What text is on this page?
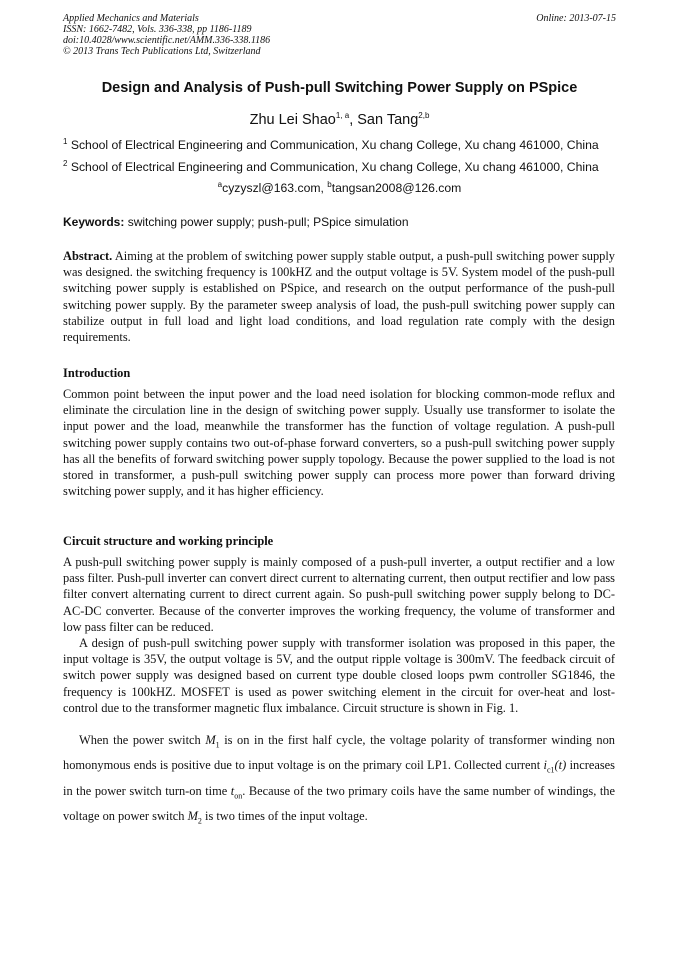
Applied Mechanics and Materials
ISSN: 1662-7482, Vols. 336-338, pp 1186-1189
doi:10.4028/www.scientific.net/AMM.336-338.1186
© 2013 Trans Tech Publications Ltd, Switzerland
Online: 2013-07-15
Design and Analysis of Push-pull Switching Power Supply on PSpice
Zhu Lei Shao$^{1, a}$, San Tang$^{2,b}$
$^1$ School of Electrical Engineering and Communication, Xu chang College, Xu chang 461000, China
$^2$ School of Electrical Engineering and Communication, Xu chang College, Xu chang 461000, China
$^a$cyzyszl@163.com, $^b$tangsan2008@126.com
Keywords: switching power supply; push-pull; PSpice simulation
Abstract. Aiming at the problem of switching power supply stable output, a push-pull switching power supply was designed. the switching frequency is 100kHZ and the output voltage is 5V. System model of the push-pull switching power supply is established on PSpice, and research on the output performance of the push-pull switching power supply. By the parameter sweep analysis of load, the push-pull switching power supply can stabilize output in full load and light load conditions, and load regulation rate comply with the design requirements.
Introduction
Common point between the input power and the load need isolation for blocking common-mode reflux and eliminate the circulation line in the design of switching power supply. Usually use transformer to isolate the input power and the load, meanwhile the transformer has the function of voltage regulation. A push-pull switching power supply contains two out-of-phase forward converters, so a push-pull switching power supply has all the benefits of forward switching power supply topology. Because the power supplied to the load is not stored in transformer, a push-pull switching power supply can process more power than forward driving switching power supply, and it has higher efficiency.
Circuit structure and working principle
A push-pull switching power supply is mainly composed of a push-pull inverter, a output rectifier and a low pass filter. Push-pull inverter can convert direct current to alternating current, then output rectifier and low pass filter convert alternating current to direct current again. So push-pull switching power supply belong to DC-AC-DC converter. Because of the converter improves the working frequency, the volume of transformer and low pass filter can be reduced.
A design of push-pull switching power supply with transformer isolation was proposed in this paper, the input voltage is 35V, the output voltage is 5V, and the output ripple voltage is 300mV. The feedback circuit of switch power supply was designed based on current type double closed loops pwm controller SG1846, the frequency is 100kHZ. MOSFET is used as power switching element in the circuit for over-heat and lost-control due to the transformer magnetic flux imbalance. Circuit structure is shown in Fig. 1.
When the power switch $M_1$ is on in the first half cycle, the voltage polarity of transformer winding non homonymous ends is positive due to input voltage is on the primary coil LP1. Collected current $i_{c1}(t)$ increases in the power switch turn-on time $t_{on}$. Because of the two primary coils have the same number of windings, the voltage on power switch $M_2$ is two times of the input voltage.
